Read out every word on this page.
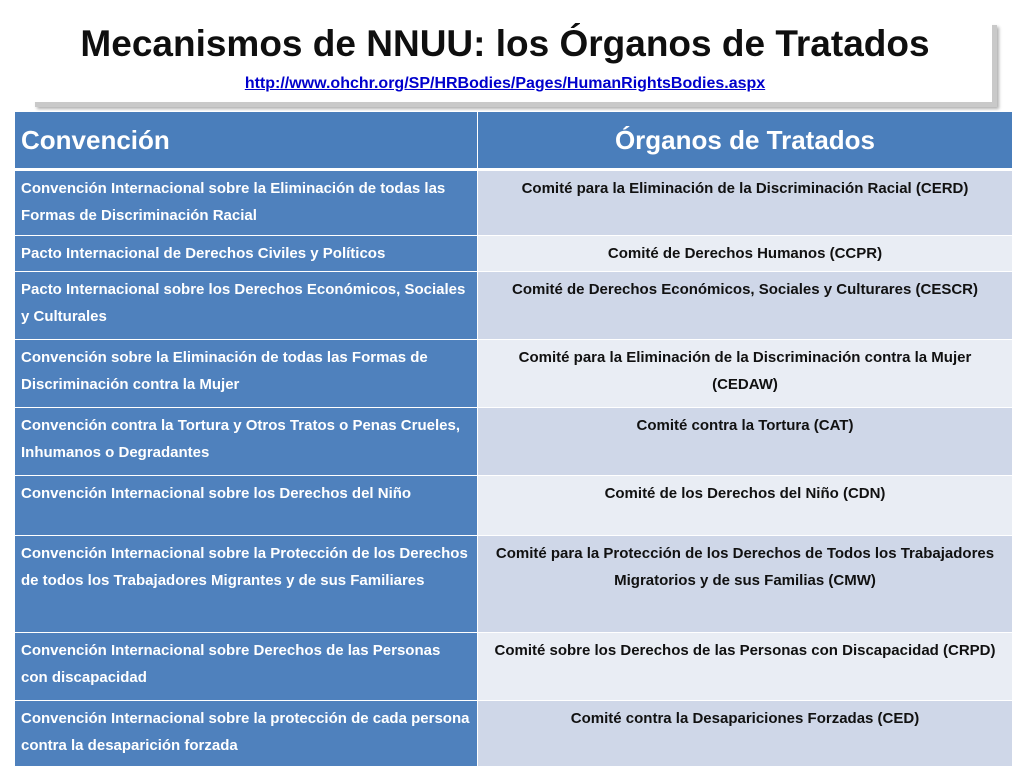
Mecanismos de NNUU: los Órganos de Tratados
http://www.ohchr.org/SP/HRBodies/Pages/HumanRightsBodies.aspx
Convención	Órganos de Tratados
Convención Internacional sobre la Eliminación de todas las Formas de Discriminación Racial	Comité para la Eliminación de la Discriminación Racial (CERD)
Pacto Internacional de Derechos Civiles y Políticos	Comité de Derechos Humanos (CCPR)
Pacto Internacional sobre los Derechos Económicos, Sociales y Culturales	Comité de Derechos Económicos, Sociales y Culturares (CESCR)
Convención sobre la Eliminación de todas las Formas de Discriminación contra la Mujer	Comité para la Eliminación de la Discriminación contra la Mujer (CEDAW)
Convención contra la Tortura y Otros Tratos o Penas Crueles, Inhumanos o Degradantes	Comité contra la Tortura (CAT)
Convención Internacional sobre los Derechos del Niño	Comité de los Derechos del Niño (CDN)
Convención Internacional sobre la Protección de los Derechos de todos los Trabajadores Migrantes y de sus Familiares	Comité para la Protección de los Derechos de Todos los Trabajadores Migratorios y de sus Familias (CMW)
Convención Internacional sobre Derechos de las Personas con discapacidad	Comité sobre los Derechos de las Personas con Discapacidad (CRPD)
Convención Internacional sobre la protección de cada persona contra la desaparición forzada	Comité contra la Desapariciones Forzadas (CED)
